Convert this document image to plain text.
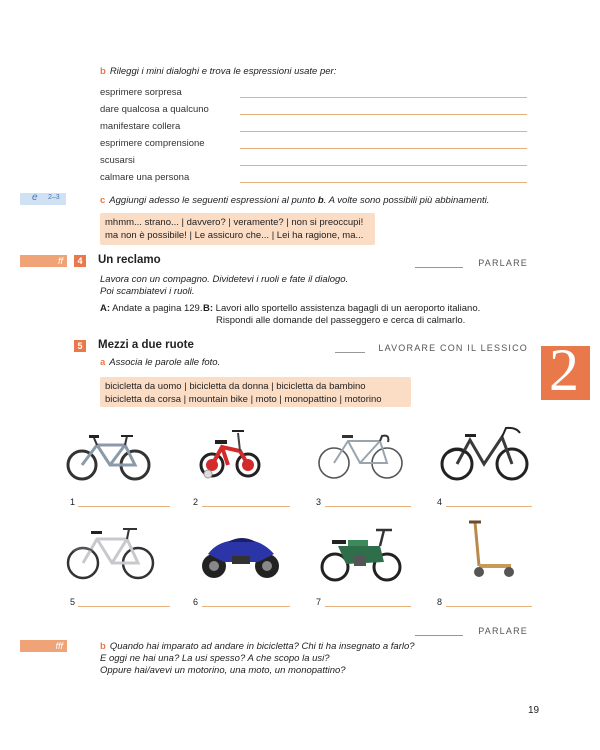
b Rileggi i mini dialoghi e trova le espressioni usate per:
esprimere sorpresa
dare qualcosa a qualcuno
manifestare collera
esprimere comprensione
scusarsi
calmare una persona
e 2–3	c Aggiungi adesso le seguenti espressioni al punto b. A volte sono possibili più abbinamenti.
mhmm... strano... | davvero? | veramente? | non si preoccupi!
ma non è possibile! | Le assicuro che... | Lei ha ragione, ma...
ff	4	Un reclamo	PARLARE
Lavora con un compagno. Dividetevi i ruoli e fate il dialogo.
Poi scambiatevi i ruoli.
A: Andate a pagina 129. B: Lavori allo sportello assistenza bagagli di un aeroporto italiano.
Rispondi alle domande del passeggero e cerca di calmarlo.
5	Mezzi a due ruote	LAVORARE CON IL LESSICO 2
a Associa le parole alle foto.
bicicletta da uomo | bicicletta da donna | bicicletta da bambino
bicicletta da corsa | mountain bike | moto | monopattino | motorino
1	2	3	4
5	6	7	8
PARLARE
fff	b Quando hai imparato ad andare in bicicletta? Chi ti ha insegnato a farlo?
E oggi ne hai una? La usi spesso? A che scopo la usi?
Oppure hai/avevi un motorino, una moto, un monopattino?
19
